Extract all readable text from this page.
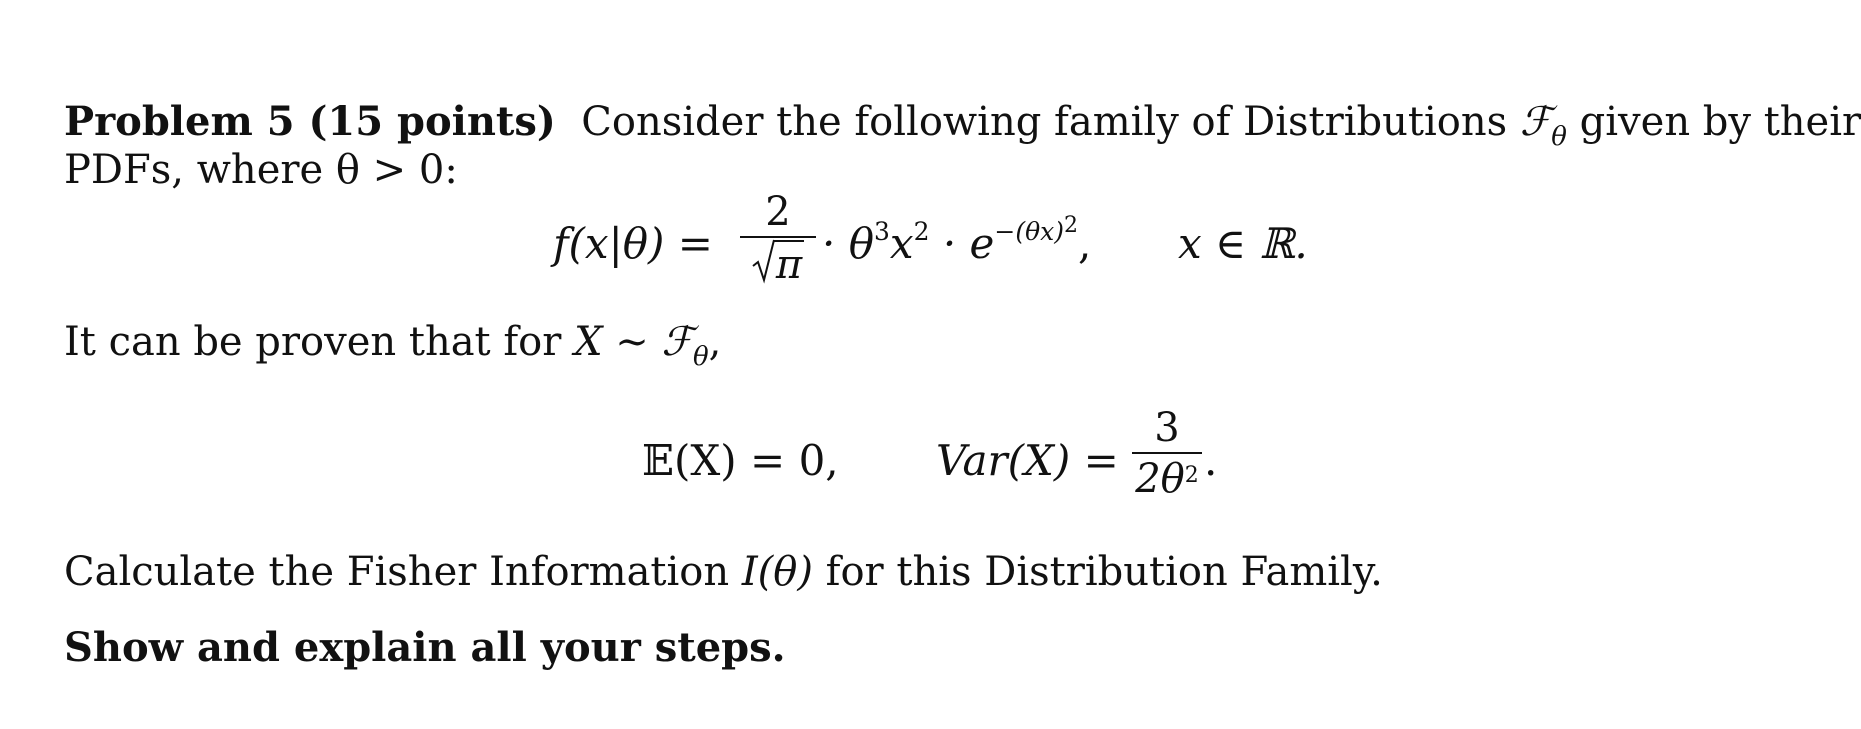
Problem 5 (15 points) Consider the following family of Distributions ℱ$_\theta$ given by their
PDFs, where θ > 0:
f(x|θ) =
2
$\pi \cdot \theta^3x^2 \cdot e^{-(\theta x)2}$, x ∈ ℝ.
It can be proven that for X ∼ ℱ$_\theta$,
𝔼(X) = 0, Var(X) =
3
$2\theta^2$ .
Calculate the Fisher Information I(θ) for this Distribution Family.
Show and explain all your steps.
